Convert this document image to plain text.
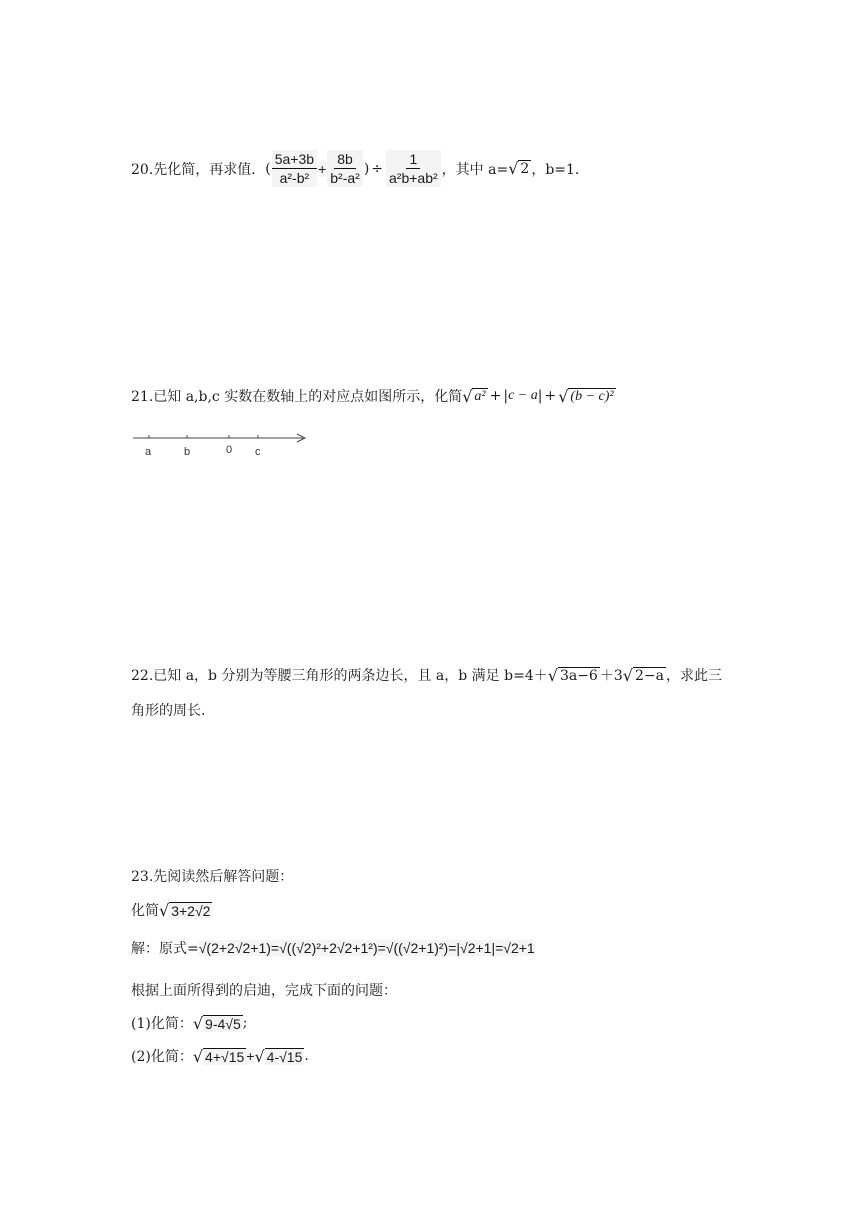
20.先化简，再求值． ( $\frac{5a+3b}{\text{a²-b²}} + \frac{8b}{\text{b²-a²}}$ ) ÷ $\frac{1}{\text{a²b+ab²}}$ ，其中 a= √ 2 ，b=1．
21.已知 a,b,c 实数在数轴上的对应点如图所示，化简 √ a² + | c − a | + √ (b − c)²
a	b	0 c
22.已知 a，b 分别为等腰三角形的两条边长，且 a，b 满足 b=4＋ √ 3a−6 ＋3 √ 2−a ，求此三
角形的周长.
23.先阅读然后解答问题：
化简 √ 3+2√2
解：原式= √(2+2√2+1)=√((√2)²+2√2+1²)=√((√2+1)²)=|√2+1|=√2+1
根据上面所得到的启迪，完成下面的问题：
(1)化简： √ 9-4√5 ;
(2)化简： √ 4+√15 + √ 4-√15 .
